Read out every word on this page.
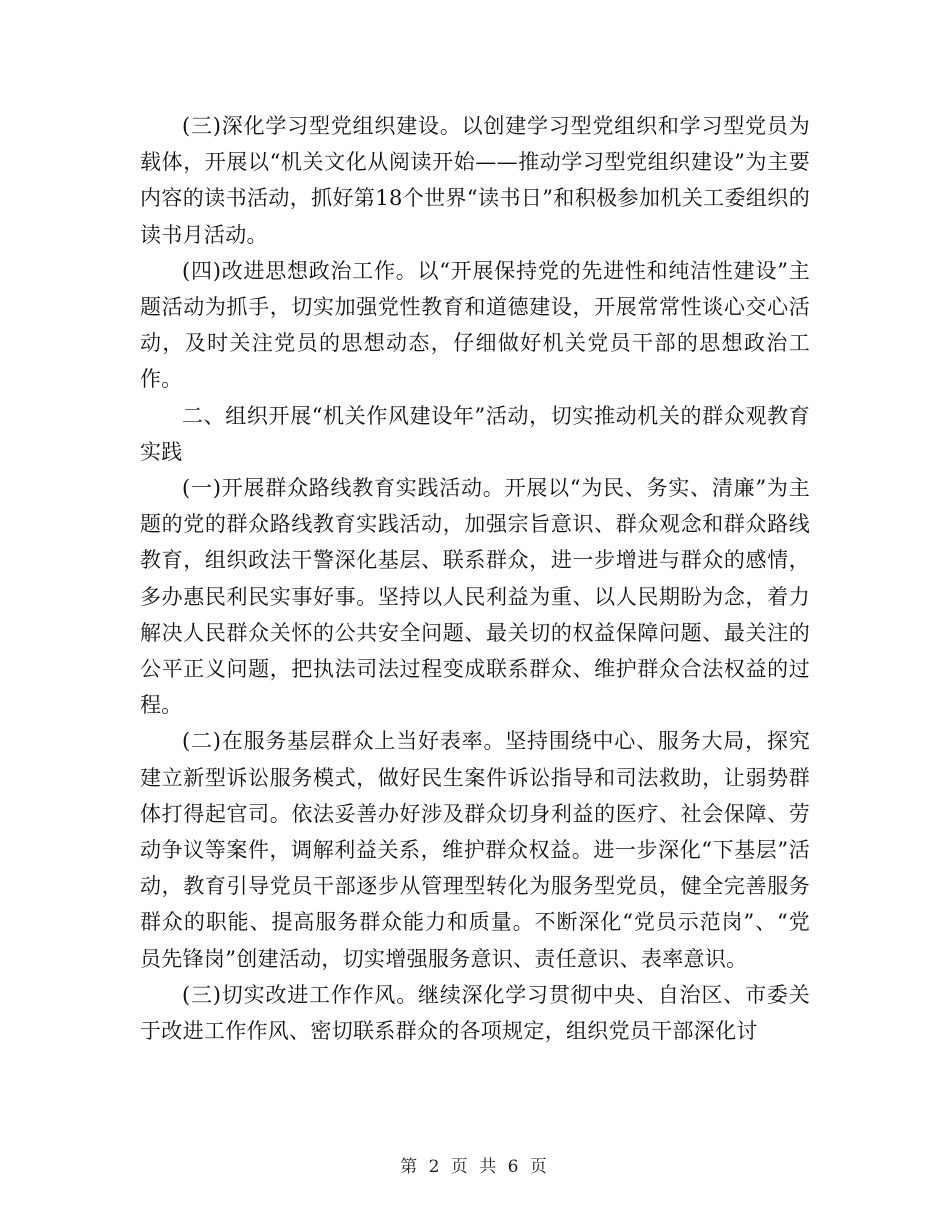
(三)深化学习型党组织建设。以创建学习型党组织和学习型党员为载体，开展以“机关文化从阅读开始——推动学习型党组织建设”为主要内容的读书活动，抓好第18个世界“读书日”和积极参加机关工委组织的读书月活动。

(四)改进思想政治工作。以“开展保持党的先进性和纯洁性建设”主题活动为抓手，切实加强党性教育和道德建设，开展常常性谈心交心活动，及时关注党员的思想动态，仔细做好机关党员干部的思想政治工作。

二、组织开展“机关作风建设年”活动，切实推动机关的群众观教育实践

(一)开展群众路线教育实践活动。开展以“为民、务实、清廉”为主题的党的群众路线教育实践活动，加强宗旨意识、群众观念和群众路线教育，组织政法干警深化基层、联系群众，进一步增进与群众的感情，多办惠民利民实事好事。坚持以人民利益为重、以人民期盼为念，着力解决人民群众关怀的公共安全问题、最关切的权益保障问题、最关注的公平正义问题，把执法司法过程变成联系群众、维护群众合法权益的过程。

(二)在服务基层群众上当好表率。坚持围绕中心、服务大局，探究建立新型诉讼服务模式，做好民生案件诉讼指导和司法救助，让弱势群体打得起官司。依法妥善办好涉及群众切身利益的医疗、社会保障、劳动争议等案件，调解利益关系，维护群众权益。进一步深化“下基层”活动，教育引导党员干部逐步从管理型转化为服务型党员，健全完善服务群众的职能、提高服务群众能力和质量。不断深化“党员示范岗”、“党员先锋岗”创建活动，切实增强服务意识、责任意识、表率意识。

(三)切实改进工作作风。继续深化学习贯彻中央、自治区、市委关于改进工作作风、密切联系群众的各项规定，组织党员干部深化讨

第 2 页 共 6 页
